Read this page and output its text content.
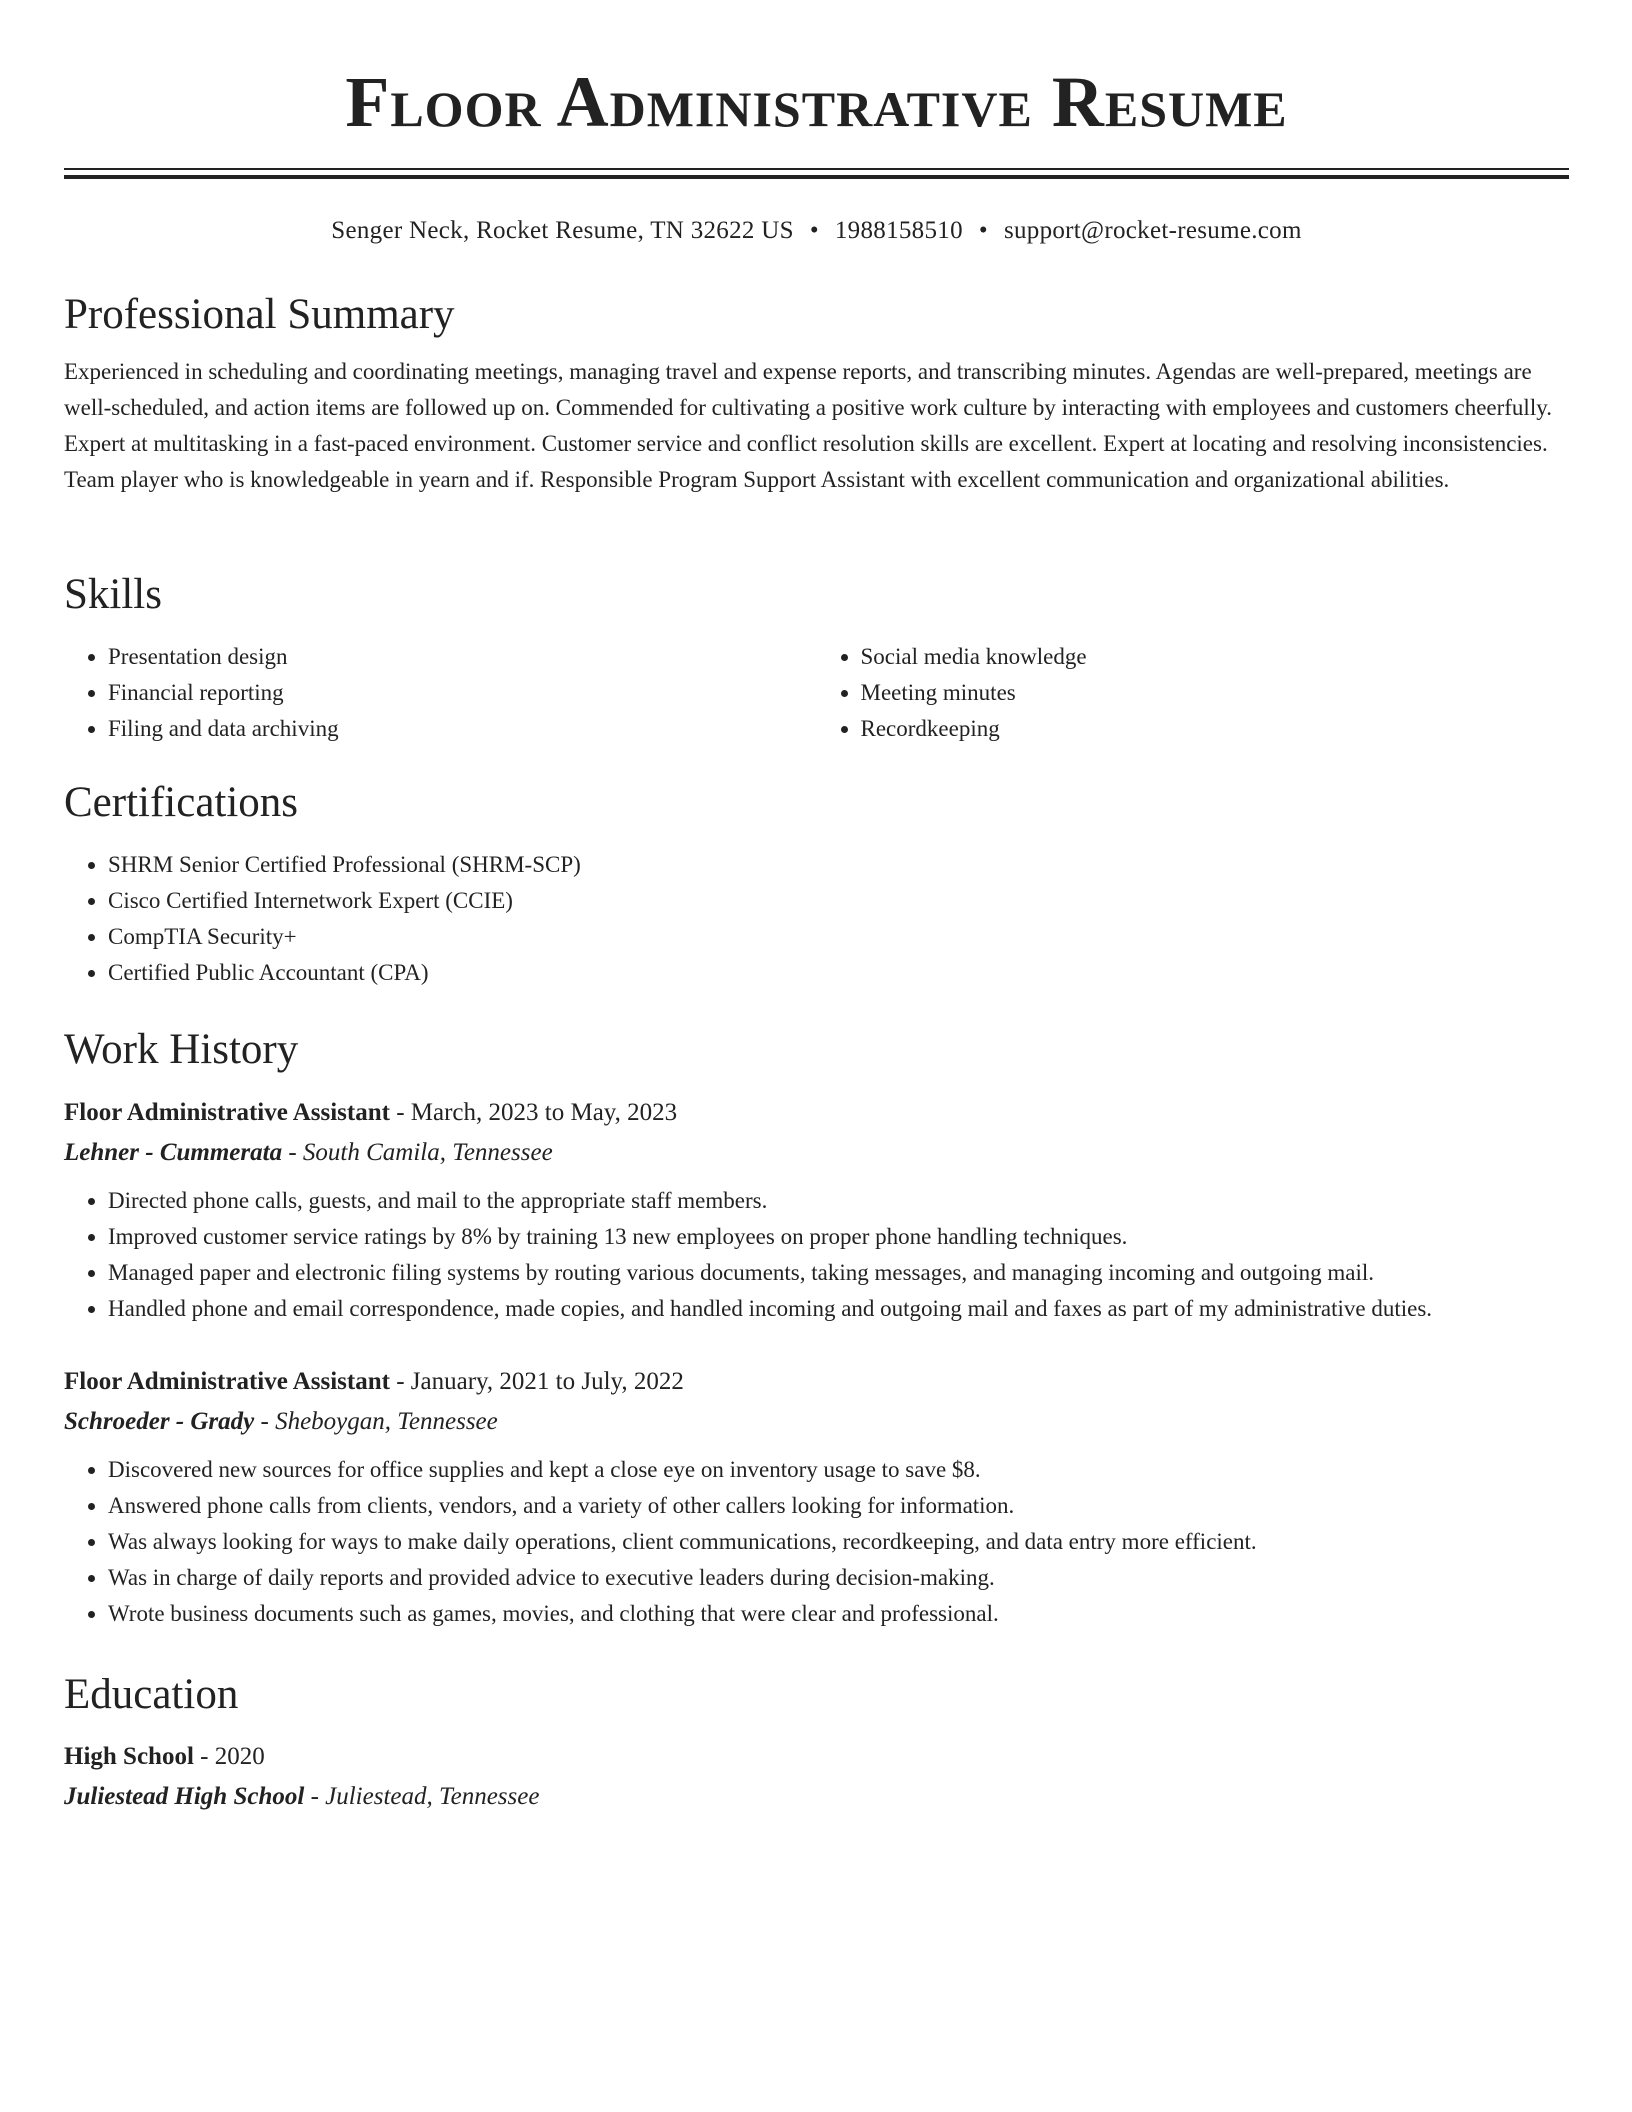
Floor Administrative Resume
Senger Neck, Rocket Resume, TN 32622 US • 1988158510 • support@rocket-resume.com
Professional Summary

Experienced in scheduling and coordinating meetings, managing travel and expense reports, and transcribing minutes. Agendas are well-prepared, meetings are well-scheduled, and action items are followed up on. Commended for cultivating a positive work culture by interacting with employees and customers cheerfully. Expert at multitasking in a fast-paced environment. Customer service and conflict resolution skills are excellent. Expert at locating and resolving inconsistencies. Team player who is knowledgeable in yearn and if. Responsible Program Support Assistant with excellent communication and organizational abilities.

Skills
• Presentation design
• Financial reporting
• Filing and data archiving
• Social media knowledge
• Meeting minutes
• Recordkeeping
Certifications
• SHRM Senior Certified Professional (SHRM-SCP)
• Cisco Certified Internetwork Expert (CCIE)
• CompTIA Security+
• Certified Public Accountant (CPA)
Work History
Floor Administrative Assistant - March, 2023 to May, 2023
Lehner - Cummerata - South Camila, Tennessee
• Directed phone calls, guests, and mail to the appropriate staff members.
• Improved customer service ratings by 8% by training 13 new employees on proper phone handling techniques.
• Managed paper and electronic filing systems by routing various documents, taking messages, and managing incoming and outgoing mail.
• Handled phone and email correspondence, made copies, and handled incoming and outgoing mail and faxes as part of my administrative duties.
Floor Administrative Assistant - January, 2021 to July, 2022
Schroeder - Grady - Sheboygan, Tennessee
• Discovered new sources for office supplies and kept a close eye on inventory usage to save $8.
• Answered phone calls from clients, vendors, and a variety of other callers looking for information.
• Was always looking for ways to make daily operations, client communications, recordkeeping, and data entry more efficient.
• Was in charge of daily reports and provided advice to executive leaders during decision-making.
• Wrote business documents such as games, movies, and clothing that were clear and professional.
Education
High School - 2020
Juliestead High School - Juliestead, Tennessee
